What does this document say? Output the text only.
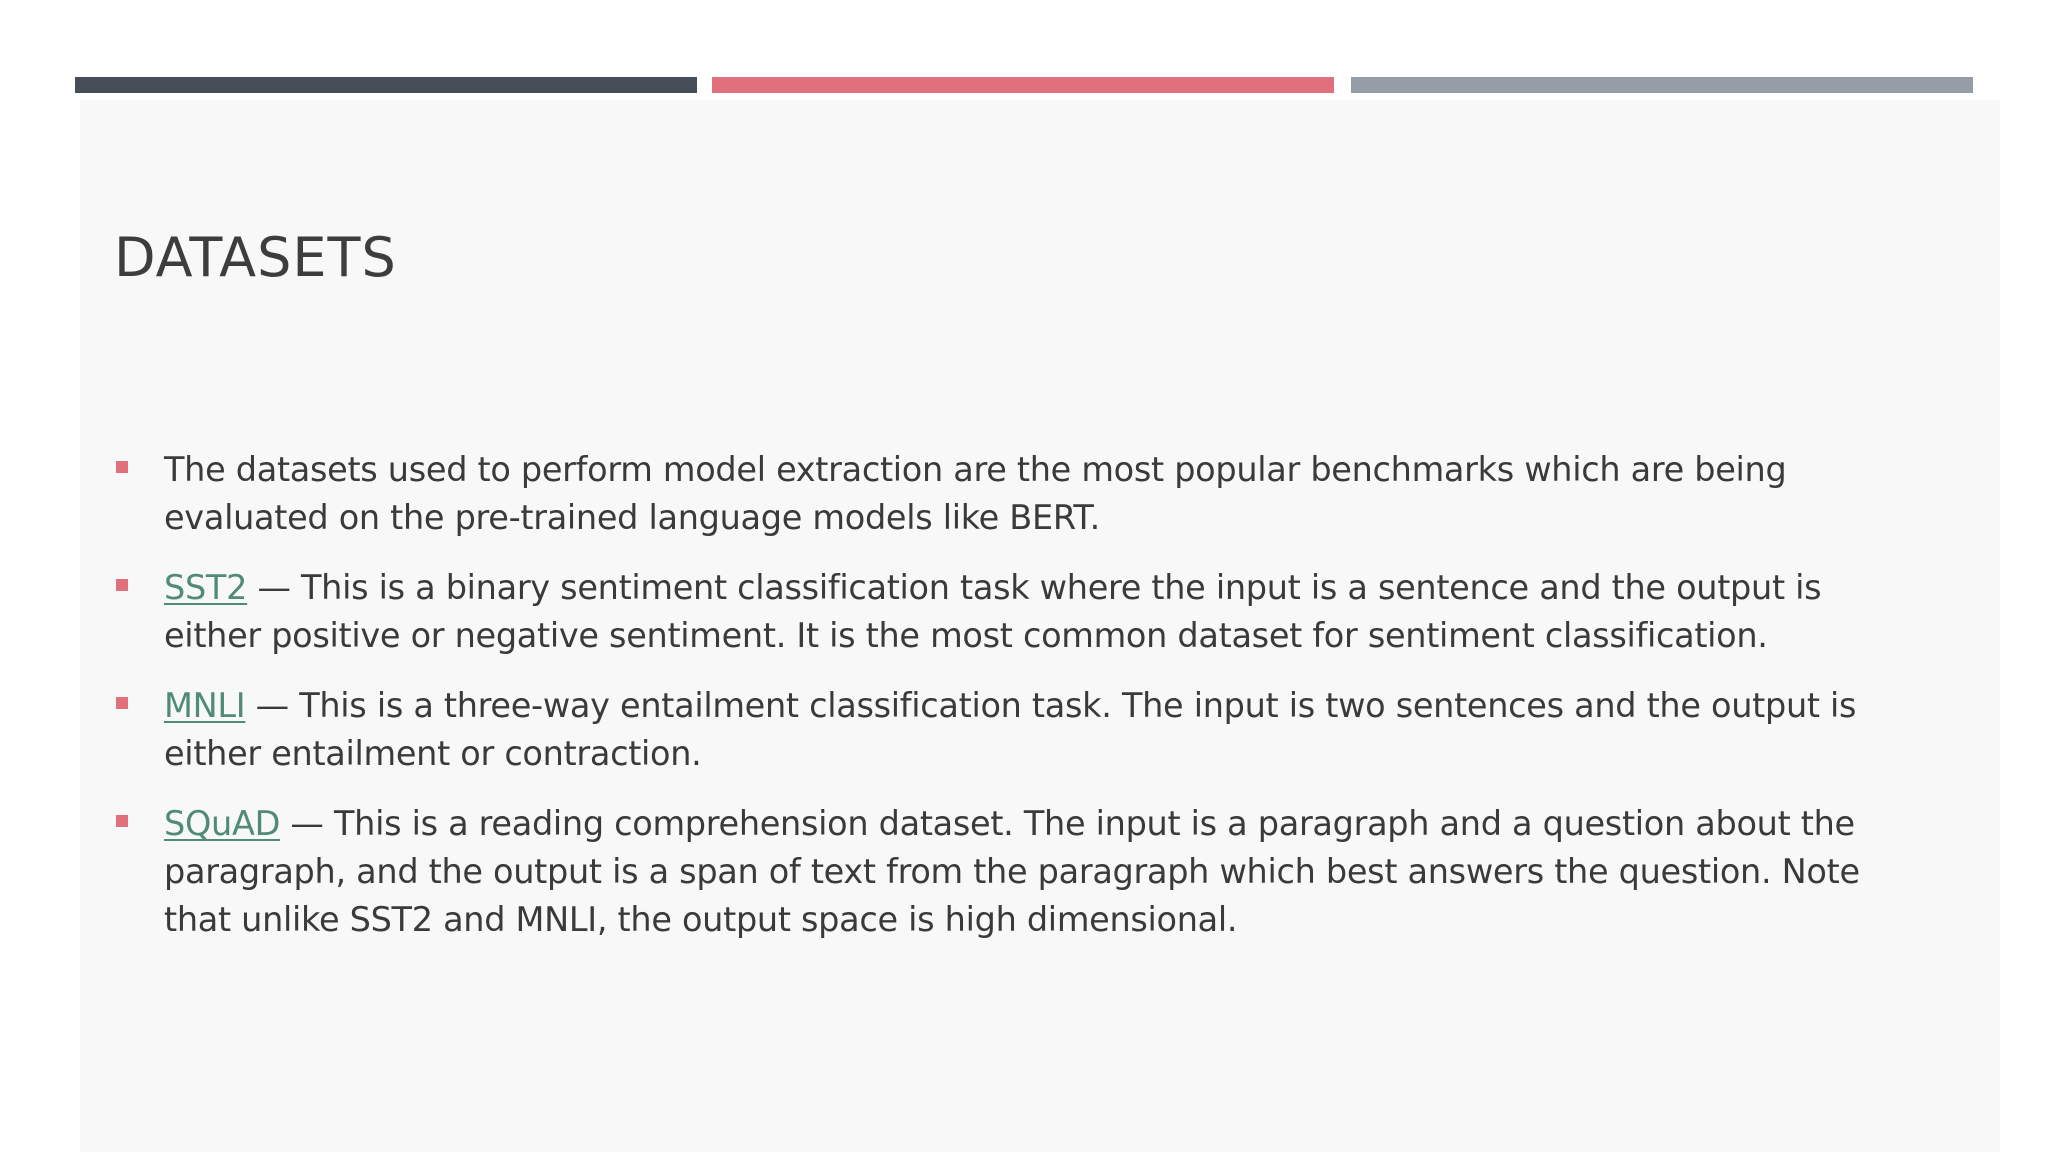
DATASETS
The datasets used to perform model extraction are the most popular benchmarks which are being evaluated on the pre-trained language models like BERT.
SST2 — This is a binary sentiment classification task where the input is a sentence and the output is either positive or negative sentiment. It is the most common dataset for sentiment classification.
MNLI — This is a three-way entailment classification task. The input is two sentences and the output is either entailment or contraction.
SQuAD — This is a reading comprehension dataset. The input is a paragraph and a question about the paragraph, and the output is a span of text from the paragraph which best answers the question. Note that unlike SST2 and MNLI, the output space is high dimensional.
